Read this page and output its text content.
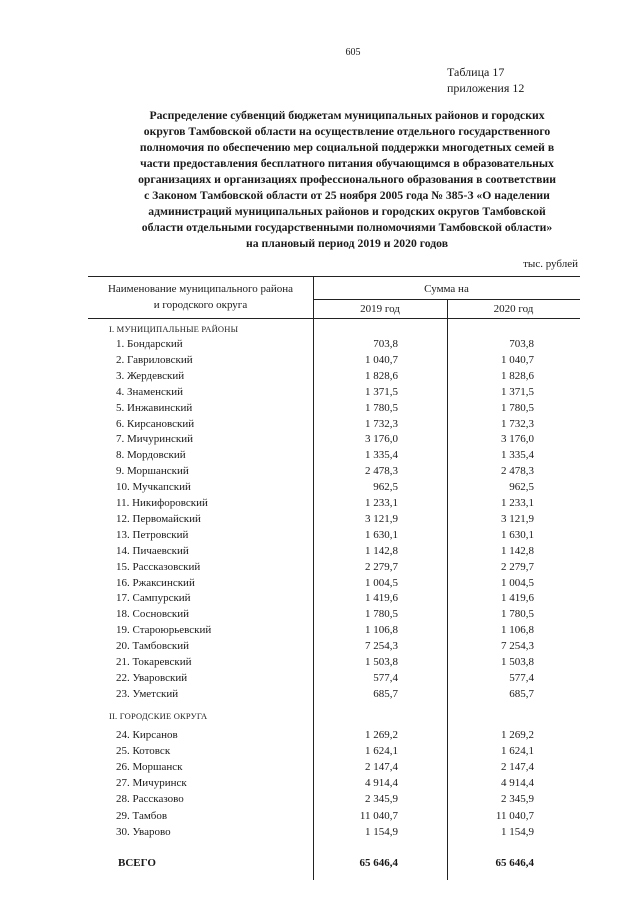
605
Таблица 17
приложения 12
Распределение субвенций бюджетам муниципальных районов и городских
округов Тамбовской области на осуществление отдельного государственного
полномочия по обеспечению мер социальной поддержки многодетных семей в
части предоставления бесплатного питания обучающимся в образовательных
организациях и организациях профессионального образования в соответствии
с Законом Тамбовской области от 25 ноября 2005 года № 385-З «О наделении
администраций муниципальных районов и городских округов Тамбовской
области отдельными государственными полномочиями Тамбовской области»
на плановый период 2019 и 2020 годов
тыс. рублей
Наименование муниципального района
и городского округа
Сумма на
2019 год	2020 год
I. МУНИЦИПАЛЬНЫЕ РАЙОНЫ
1. Бондарский	703,8	703,8
2. Гавриловский	1 040,7	1 040,7
3. Жердевский	1 828,6	1 828,6
4. Знаменский	1 371,5	1 371,5
5. Инжавинский	1 780,5	1 780,5
6. Кирсановский	1 732,3	1 732,3
7. Мичуринский	3 176,0	3 176,0
8. Мордовский	1 335,4	1 335,4
9. Моршанский	2 478,3	2 478,3
10. Мучкапский	962,5	962,5
11. Никифоровский	1 233,1	1 233,1
12. Первомайский	3 121,9	3 121,9
13. Петровский	1 630,1	1 630,1
14. Пичаевский	1 142,8	1 142,8
15. Рассказовский	2 279,7	2 279,7
16. Ржаксинский	1 004,5	1 004,5
17. Сампурский	1 419,6	1 419,6
18. Сосновский	1 780,5	1 780,5
19. Староюрьевский	1 106,8	1 106,8
20. Тамбовский	7 254,3	7 254,3
21. Токаревский	1 503,8	1 503,8
22. Уваровский	577,4	577,4
23. Уметский	685,7	685,7
II. ГОРОДСКИЕ ОКРУГА
24. Кирсанов	1 269,2	1 269,2
25. Котовск	1 624,1	1 624,1
26. Моршанск	2 147,4	2 147,4
27. Мичуринск	4 914,4	4 914,4
28. Рассказово	2 345,9	2 345,9
29. Тамбов	11 040,7	11 040,7
30. Уварово	1 154,9	1 154,9
ВСЕГО	65 646,4	65 646,4
